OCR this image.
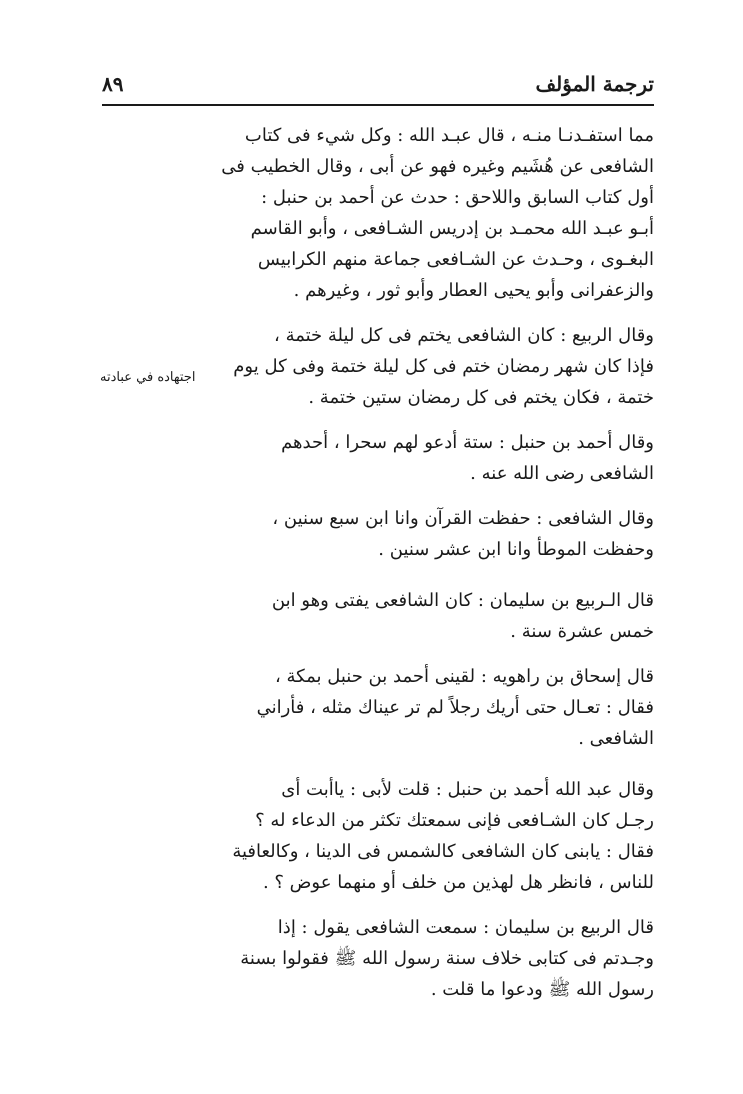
ترجمة المؤلف
٨٩
اجتهاده في عبادته

مما استفـدنـا منـه ، قال عبـد الله : وكل شيء فى كتاب
الشافعى عن هُشَيم وغيره فهو عن أبى ، وقال الخطيب فى
أول كتاب السابق واللاحق : حدث عن أحمد بن حنبل :
أبـو عبـد الله محمـد بن إدريس الشـافعى ، وأبو القاسم
البغـوى ، وحـدث عن الشـافعى جماعة منهم الكرابيس
والزعفرانى وأبو يحيى العطار وأبو ثور ، وغيرهم .

وقال الربيع : كان الشافعى يختم فى كل ليلة ختمة ،
فإذا كان شهر رمضان ختم فى كل ليلة ختمة وفى كل يوم
ختمة ، فكان يختم فى كل رمضان ستين ختمة .

وقال أحمد بن حنبل : ستة أدعو لهم سحرا ، أحدهم
الشافعى رضى الله عنه .

وقال الشافعى : حفظت القرآن وانا ابن سبع سنين ،
وحفظت الموطأ وانا ابن عشر سنين .

قال الـربيع بن سليمان : كان الشافعى يفتى وهو ابن
خمس عشرة سنة .

قال إسحاق بن راهويه : لقينى أحمد بن حنبل بمكة ،
فقال : تعـال حتى أريك رجلاً لم تر عيناك مثله ، فأراني
الشافعى .

وقال عبد الله أحمد بن حنبل : قلت لأبى : ياأبت أى
رجـل كان الشـافعى فإنى سمعتك تكثر من الدعاء له ؟
فقال : يابنى كان الشافعى كالشمس فى الدينا ، وكالعافية
للناس ، فانظر هل لهذين من خلف أو منهما عوض ؟ .

قال الربيع بن سليمان : سمعت الشافعى يقول : إذا
وجـدتم فى كتابى خلاف سنة رسول الله ﷺ فقولوا بسنة
رسول الله ﷺ ودعوا ما قلت .
